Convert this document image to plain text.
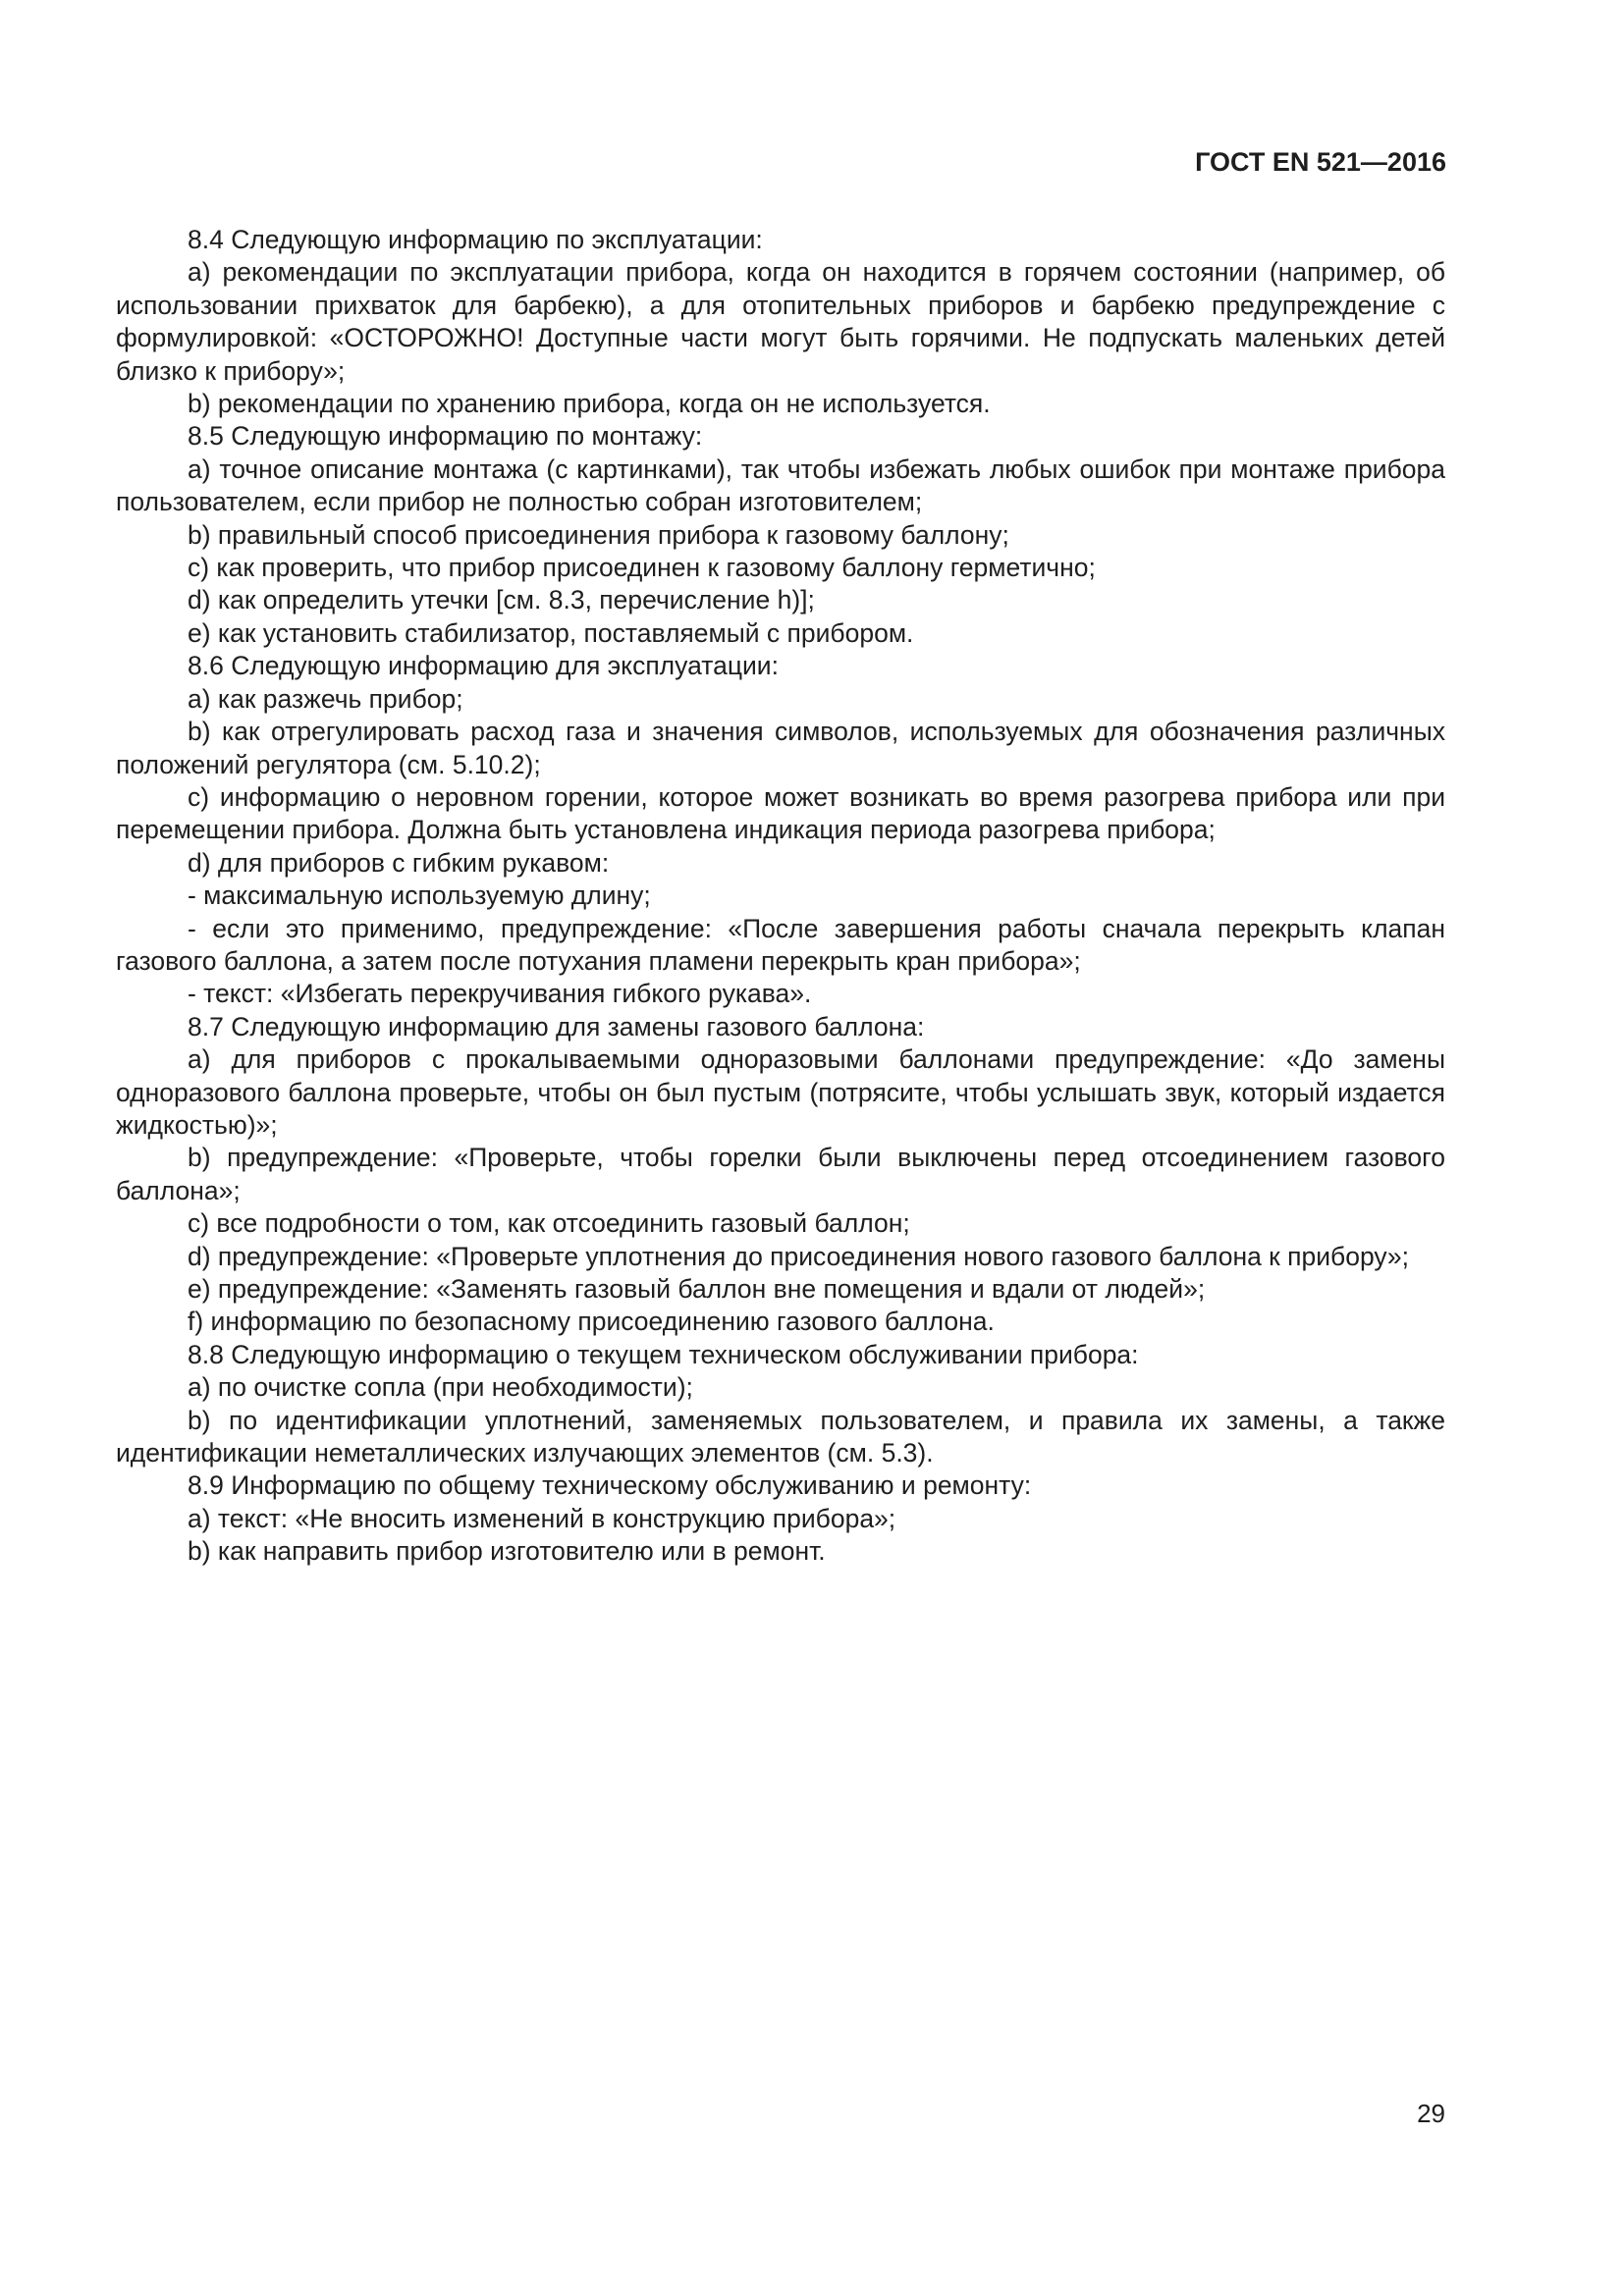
ГОСТ EN 521—2016

8.4 Следующую информацию по эксплуатации:

a) рекомендации по эксплуатации прибора, когда он находится в горячем состоянии (например, об использовании прихваток для барбекю), а для отопительных приборов и барбекю предупреждение с формулировкой: «ОСТОРОЖНО! Доступные части могут быть горячими. Не подпускать маленьких детей близко к прибору»;

b) рекомендации по хранению прибора, когда он не используется.

8.5 Следующую информацию по монтажу:

a) точное описание монтажа (с картинками), так чтобы избежать любых ошибок при монтаже прибора пользователем, если прибор не полностью собран изготовителем;

b) правильный способ присоединения прибора к газовому баллону;

c) как проверить, что прибор присоединен к газовому баллону герметично;

d) как определить утечки [см. 8.3, перечисление h)];

e) как установить стабилизатор, поставляемый с прибором.

8.6 Следующую информацию для эксплуатации:

a) как разжечь прибор;

b) как отрегулировать расход газа и значения символов, используемых для обозначения различных положений регулятора (см. 5.10.2);

c) информацию о неровном горении, которое может возникать во время разогрева прибора или при перемещении прибора. Должна быть установлена индикация периода разогрева прибора;

d) для приборов с гибким рукавом:

- максимальную используемую длину;

- если это применимо, предупреждение: «После завершения работы сначала перекрыть клапан газового баллона, а затем после потухания пламени перекрыть кран прибора»;

- текст: «Избегать перекручивания гибкого рукава».

8.7 Следующую информацию для замены газового баллона:

a) для приборов с прокалываемыми одноразовыми баллонами предупреждение: «До замены одноразового баллона проверьте, чтобы он был пустым (потрясите, чтобы услышать звук, который издается жидкостью)»;

b) предупреждение: «Проверьте, чтобы горелки были выключены перед отсоединением газового баллона»;

c) все подробности о том, как отсоединить газовый баллон;

d) предупреждение: «Проверьте уплотнения до присоединения нового газового баллона к прибору»;

e) предупреждение: «Заменять газовый баллон вне помещения и вдали от людей»;

f) информацию по безопасному присоединению газового баллона.

8.8 Следующую информацию о текущем техническом обслуживании прибора:

a) по очистке сопла (при необходимости);

b) по идентификации уплотнений, заменяемых пользователем, и правила их замены, а также идентификации неметаллических излучающих элементов (см. 5.3).

8.9 Информацию по общему техническому обслуживанию и ремонту:

a) текст: «Не вносить изменений в конструкцию прибора»;

b) как направить прибор изготовителю или в ремонт.

29
